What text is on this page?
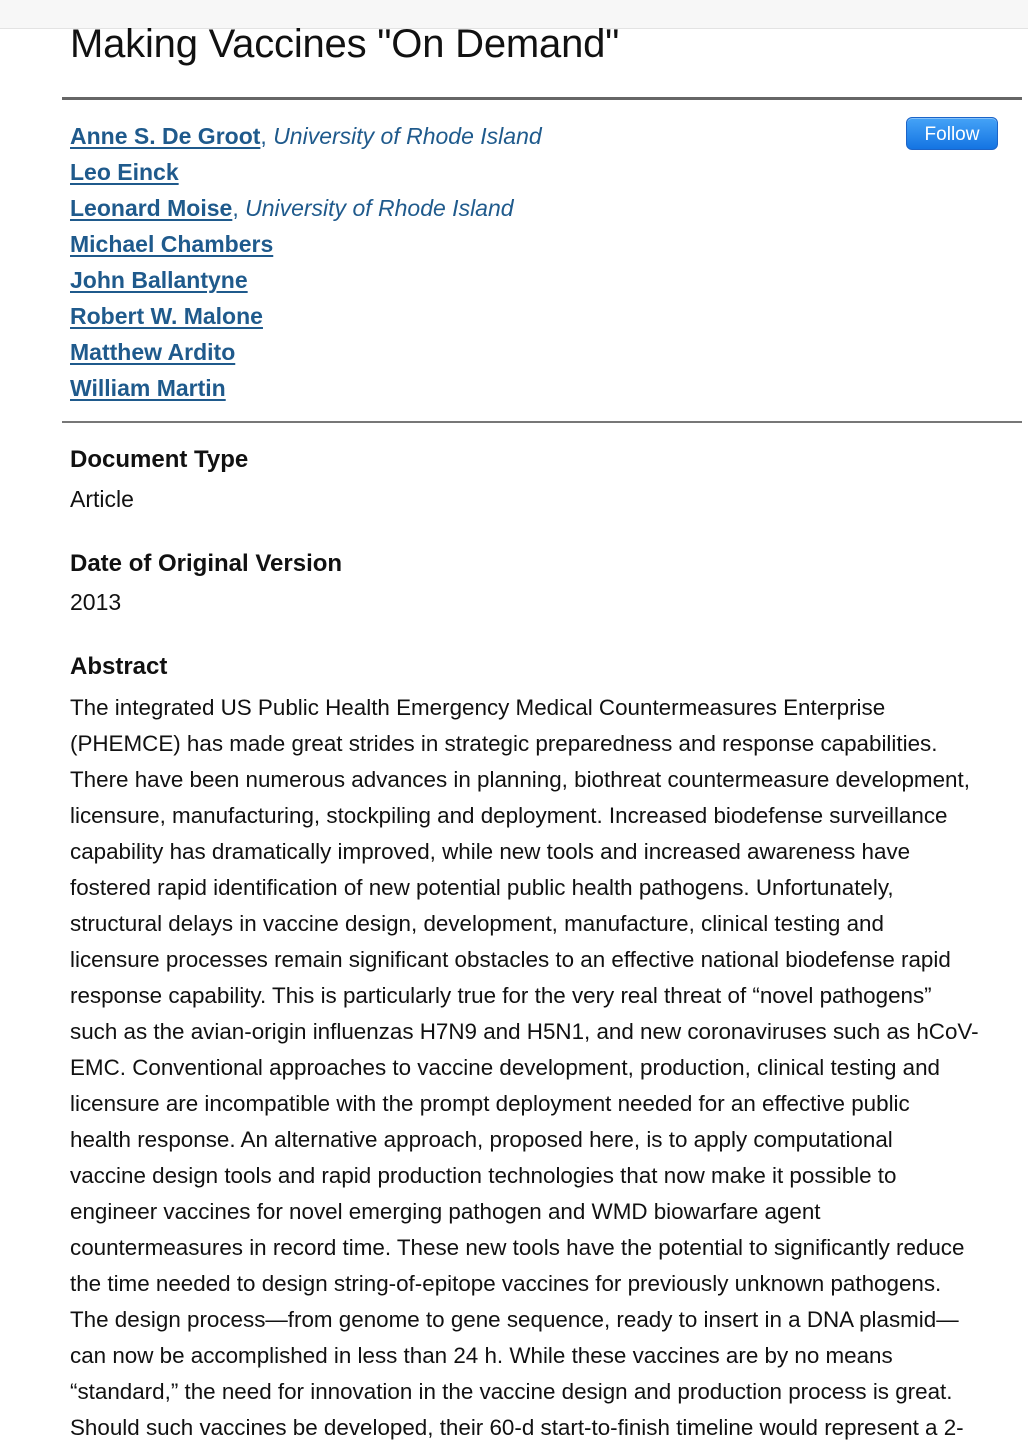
Making Vaccines "On Demand"
Anne S. De Groot, University of Rhode Island
Leo Einck
Leonard Moise, University of Rhode Island
Michael Chambers
John Ballantyne
Robert W. Malone
Matthew Ardito
William Martin
Follow
Document Type
Article
Date of Original Version
2013
Abstract
The integrated US Public Health Emergency Medical Countermeasures Enterprise
(PHEMCE) has made great strides in strategic preparedness and response capabilities.
There have been numerous advances in planning, biothreat countermeasure development,
licensure, manufacturing, stockpiling and deployment. Increased biodefense surveillance
capability has dramatically improved, while new tools and increased awareness have
fostered rapid identification of new potential public health pathogens. Unfortunately,
structural delays in vaccine design, development, manufacture, clinical testing and
licensure processes remain significant obstacles to an effective national biodefense rapid
response capability. This is particularly true for the very real threat of “novel pathogens”
such as the avian-origin influenzas H7N9 and H5N1, and new coronaviruses such as hCoV-
EMC. Conventional approaches to vaccine development, production, clinical testing and
licensure are incompatible with the prompt deployment needed for an effective public
health response. An alternative approach, proposed here, is to apply computational
vaccine design tools and rapid production technologies that now make it possible to
engineer vaccines for novel emerging pathogen and WMD biowarfare agent
countermeasures in record time. These new tools have the potential to significantly reduce
the time needed to design string-of-epitope vaccines for previously unknown pathogens.
The design process—from genome to gene sequence, ready to insert in a DNA plasmid—
can now be accomplished in less than 24 h. While these vaccines are by no means
“standard,” the need for innovation in the vaccine design and production process is great.
Should such vaccines be developed, their 60-d start-to-finish timeline would represent a 2-
